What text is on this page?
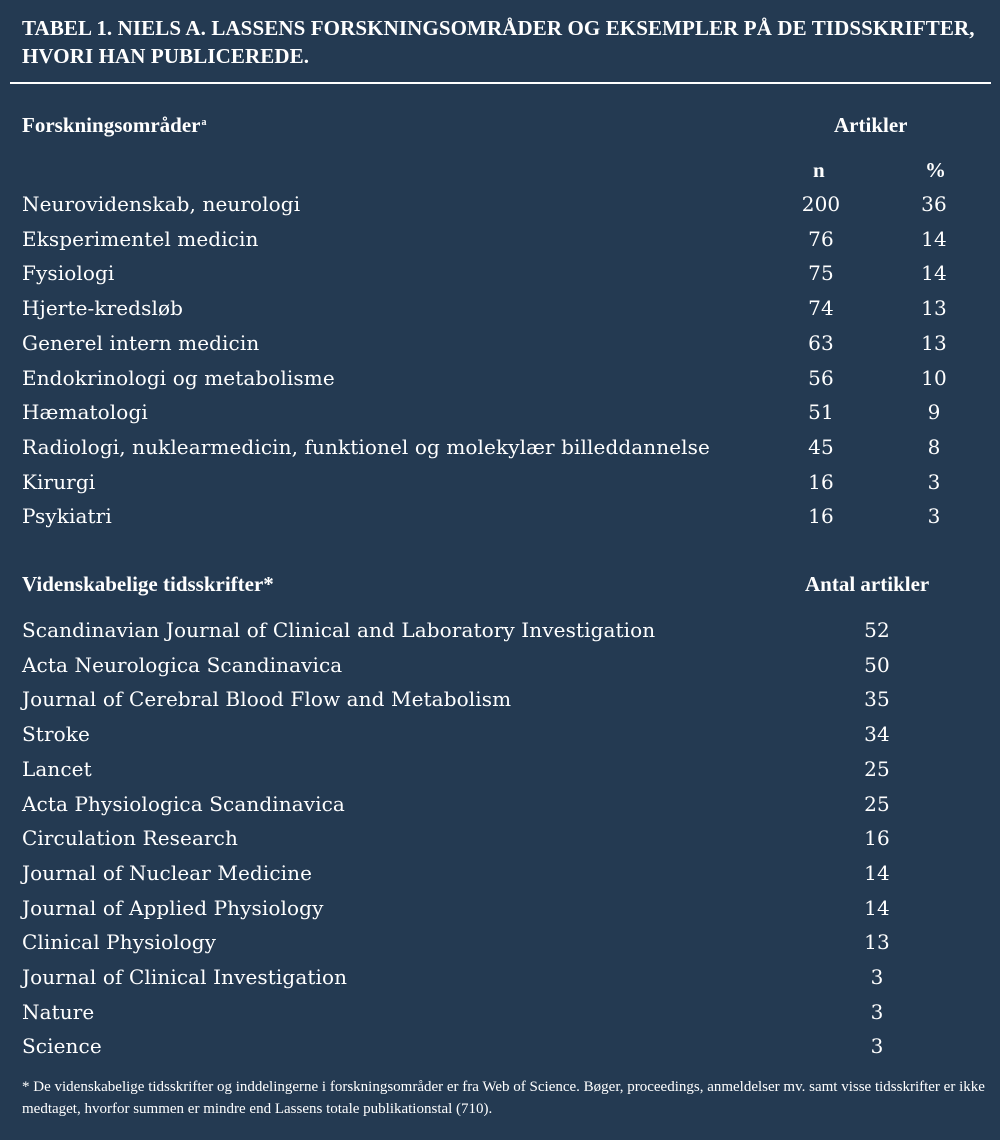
TABEL 1. NIELS A. LASSENS FORSKNINGSOMRÅDER OG EKSEMPLER PÅ DE TIDSSKRIFTER, HVORI HAN PUBLICEREDE.
Forskningsområder$^a$	Artikler
n	%
Neurovidenskab, neurologi	200	36
Eksperimentel medicin	76	14
Fysiologi	75	14
Hjerte-kredsløb	74	13
Generel intern medicin	63	13
Endokrinologi og metabolisme	56	10
Hæmatologi	51	9
Radiologi, nuklearmedicin, funktionel og molekylær billeddannelse	45	8
Kirurgi	16	3
Psykiatri	16	3
Videnskabelige tidsskrifter*	Antal artikler
Scandinavian Journal of Clinical and Laboratory Investigation	52
Acta Neurologica Scandinavica	50
Journal of Cerebral Blood Flow and Metabolism	35
Stroke	34
Lancet	25
Acta Physiologica Scandinavica	25
Circulation Research	16
Journal of Nuclear Medicine	14
Journal of Applied Physiology	14
Clinical Physiology	13
Journal of Clinical Investigation	3
Nature	3
Science	3
* De videnskabelige tidsskrifter og inddelingerne i forskningsområder er fra Web of Science. Bøger, proceedings, anmeldelser mv. samt visse tidsskrifter er ikke medtaget, hvorfor summen er mindre end Lassens totale publikationstal (710).
